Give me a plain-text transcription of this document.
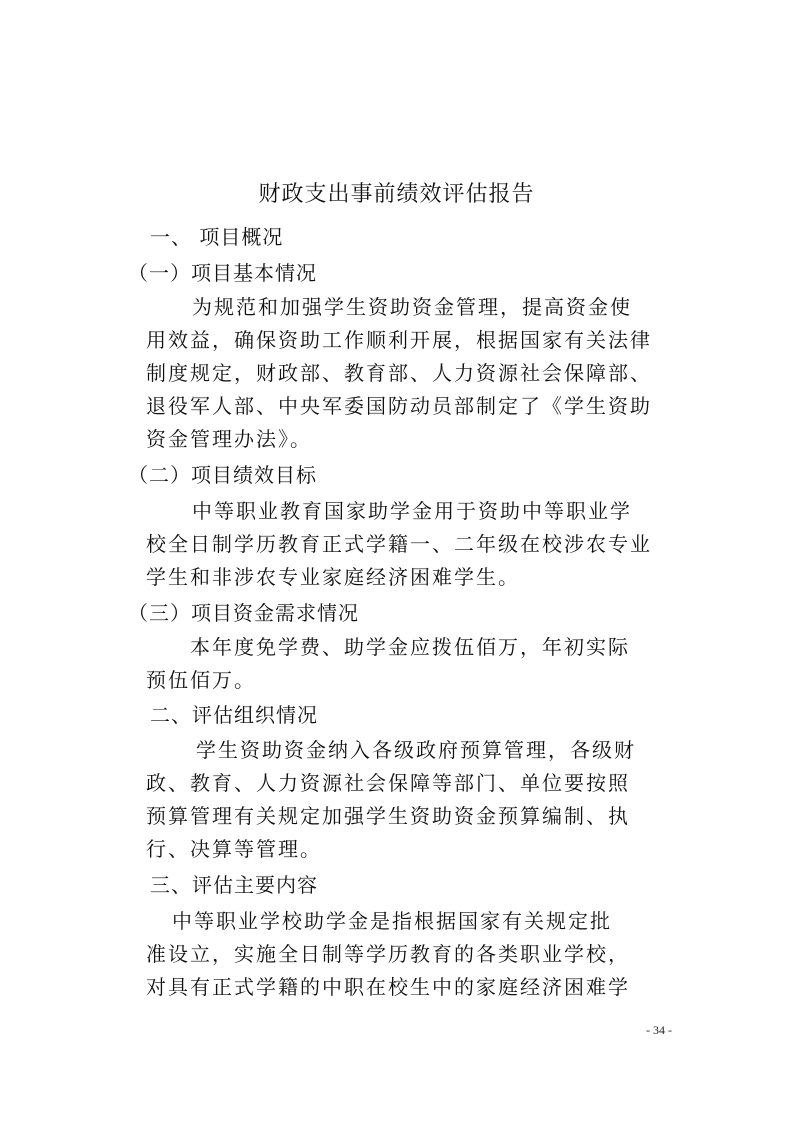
财政支出事前绩效评估报告
一、 项目概况
（一）项目基本情况
为规范和加强学生资助资金管理，提高资金使
用效益，确保资助工作顺利开展，根据国家有关法律
制度规定，财政部、教育部、人力资源社会保障部、
退役军人部、中央军委国防动员部制定了《学生资助
资金管理办法》。
（二）项目绩效目标
中等职业教育国家助学金用于资助中等职业学
校全日制学历教育正式学籍一、二年级在校涉农专业
学生和非涉农专业家庭经济困难学生。
（三）项目资金需求情况
本年度免学费、助学金应拨伍佰万，年初实际
预伍佰万。
二、评估组织情况
学生资助资金纳入各级政府预算管理，各级财
政、教育、人力资源社会保障等部门、单位要按照
预算管理有关规定加强学生资助资金预算编制、执
行、决算等管理。
三、评估主要内容
中等职业学校助学金是指根据国家有关规定批
准设立，实施全日制等学历教育的各类职业学校，
对具有正式学籍的中职在校生中的家庭经济困难学
- 34 -
